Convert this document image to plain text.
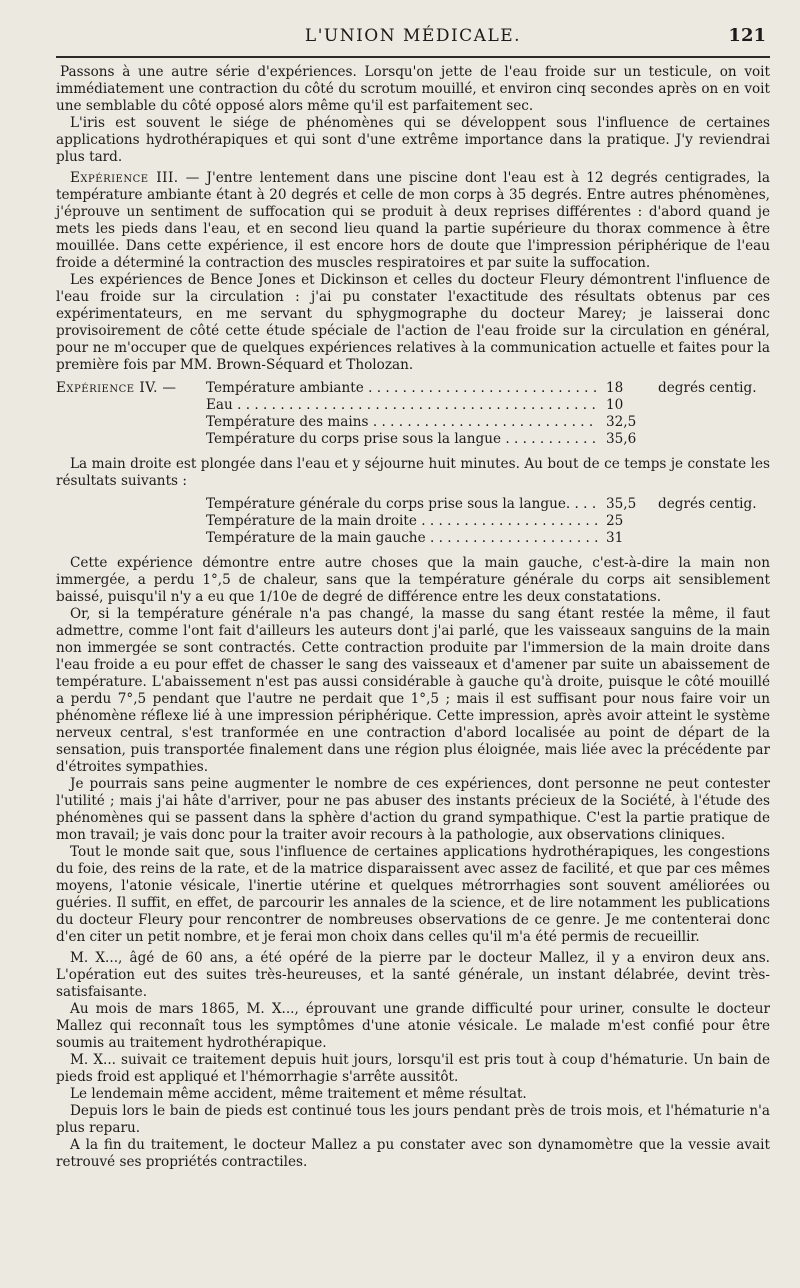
L'UNION MÉDICALE.	121

Passons à une autre série d'expériences. Lorsqu'on jette de l'eau froide sur un testicule, on voit immédiatement une contraction du côté du scrotum mouillé, et environ cinq secondes après on en voit une semblable du côté opposé alors même qu'il est parfaitement sec.

L'iris est souvent le siége de phénomènes qui se développent sous l'influence de certaines applications hydrothérapiques et qui sont d'une extrême importance dans la pratique. J'y reviendrai plus tard.

Expérience III. — J'entre lentement dans une piscine dont l'eau est à 12 degrés centigrades, la température ambiante étant à 20 degrés et celle de mon corps à 35 degrés. Entre autres phénomènes, j'éprouve un sentiment de suffocation qui se produit à deux reprises différentes : d'abord quand je mets les pieds dans l'eau, et en second lieu quand la partie supérieure du thorax commence à être mouillée. Dans cette expérience, il est encore hors de doute que l'impression périphérique de l'eau froide a déterminé la contraction des muscles respiratoires et par suite la suffocation.

Les expériences de Bence Jones et Dickinson et celles du docteur Fleury démontrent l'influence de l'eau froide sur la circulation : j'ai pu constater l'exactitude des résultats obtenus par ces expérimentateurs, en me servant du sphygmographe du docteur Marey; je laisserai donc provisoirement de côté cette étude spéciale de l'action de l'eau froide sur la circulation en général, pour ne m'occuper que de quelques expériences relatives à la communication actuelle et faites pour la première fois par MM. Brown-Séquard et Tholozan.

Expérience IV. —	Température ambiante . . .	18	degrés centig.
Eau . . .	10
Température des mains . . .	32,5
Température du corps prise sous la langue . . .	35,6

La main droite est plongée dans l'eau et y séjourne huit minutes. Au bout de ce temps je constate les résultats suivants :

Température générale du corps prise sous la langue. . . .	35,5	degrés centig.
Température de la main droite . . .	25
Température de la main gauche . . .	31

Cette expérience démontre entre autre choses que la main gauche, c'est-à-dire la main non immergée, a perdu 1°,5 de chaleur, sans que la température générale du corps ait sensiblement baissé, puisqu'il n'y a eu que 1/10e de degré de différence entre les deux constatations.

Or, si la température générale n'a pas changé, la masse du sang étant restée la même, il faut admettre, comme l'ont fait d'ailleurs les auteurs dont j'ai parlé, que les vaisseaux sanguins de la main non immergée se sont contractés. Cette contraction produite par l'immersion de la main droite dans l'eau froide a eu pour effet de chasser le sang des vaisseaux et d'amener par suite un abaissement de température. L'abaissement n'est pas aussi considérable à gauche qu'à droite, puisque le côté mouillé a perdu 7°,5 pendant que l'autre ne perdait que 1°,5 ; mais il est suffisant pour nous faire voir un phénomène réflexe lié à une impression périphérique. Cette impression, après avoir atteint le système nerveux central, s'est tranformée en une contraction d'abord localisée au point de départ de la sensation, puis transportée finalement dans une région plus éloignée, mais liée avec la précédente par d'étroites sympathies.

Je pourrais sans peine augmenter le nombre de ces expériences, dont personne ne peut contester l'utilité ; mais j'ai hâte d'arriver, pour ne pas abuser des instants précieux de la Société, à l'étude des phénomènes qui se passent dans la sphère d'action du grand sympathique. C'est la partie pratique de mon travail; je vais donc pour la traiter avoir recours à la pathologie, aux observations cliniques.

Tout le monde sait que, sous l'influence de certaines applications hydrothérapiques, les congestions du foie, des reins de la rate, et de la matrice disparaissent avec assez de facilité, et que par ces mêmes moyens, l'atonie vésicale, l'inertie utérine et quelques métrorrhagies sont souvent améliorées ou guéries. Il suffit, en effet, de parcourir les annales de la science, et de lire notamment les publications du docteur Fleury pour rencontrer de nombreuses observations de ce genre. Je me contenterai donc d'en citer un petit nombre, et je ferai mon choix dans celles qu'il m'a été permis de recueillir.

M. X..., âgé de 60 ans, a été opéré de la pierre par le docteur Mallez, il y a environ deux ans. L'opération eut des suites très-heureuses, et la santé générale, un instant délabrée, devint très-satisfaisante.

Au mois de mars 1865, M. X..., éprouvant une grande difficulté pour uriner, consulte le docteur Mallez qui reconnaît tous les symptômes d'une atonie vésicale. Le malade m'est confié pour être soumis au traitement hydrothérapique.

M. X... suivait ce traitement depuis huit jours, lorsqu'il est pris tout à coup d'hématurie. Un bain de pieds froid est appliqué et l'hémorrhagie s'arrête aussitôt.

Le lendemain même accident, même traitement et même résultat.

Depuis lors le bain de pieds est continué tous les jours pendant près de trois mois, et l'hématurie n'a plus reparu.

A la fin du traitement, le docteur Mallez a pu constater avec son dynamomètre que la vessie avait retrouvé ses propriétés contractiles.
